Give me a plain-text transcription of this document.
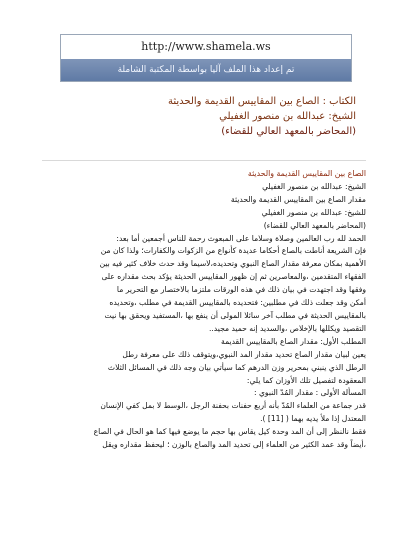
http://www.shamela.ws
تم إعداد هذا الملف آليا بواسطة المكتبة الشاملة
الكتاب : الصاع بين المقاييس القديمة والحديثة
الشيخ: عبدالله بن منصور الغفيلي
(المحاضر بالمعهد العالي للقضاء)
الصاع بين المقاييس القديمة والحديثة
الشيخ: عبدالله بن منصور الغفيلي
مقدار الصاع بين المقاييس القديمة والحديثة
للشيخ: عبدالله بن منصور الغفيلي
(المحاضر بالمعهد العالي للقضاء)
الحمد لله رب العالمين وصلاة وسلاما على المبعوث رحمة للناس أجمعين أما بعد:
فإن الشريعة أناطت بالصاع أحكاما عديدة كأنواع من الزكوات والكفارات؛ ولذا كان من
الأهمية بمكان معرفة مقدار الصاع النبوي وتحديده،لاسيما وقد حدث خلاف كثير فيه بين
الفقهاء المتقدمين ،والمعاصرين ثم إن ظهور المقاييس الحديثة يؤكد بحث مقداره على
وفقها وقد اجتهدت في بيان ذلك في هذه الورقات ملتزما بالاختصار مع التحرير ما
أمكن وقد جعلت ذلك في مطلبين: فتحديده بالمقاييس القديمة في مطلب ،وتحديده
بالمقاييس الحديثة في مطلب آخر سائلا المولى أن ينفع بها ،المستفيد ويحقق بها نيت
التقصيد ويكللها بالإخلاص ،والسديد إنه حميد مجيد..
المطلب الأول: مقدار الصاع بالمقاييس القديمة
يعين لبيان مقدار الصاع تحديد مقدار المد النبوي،ويتوقف ذلك على معرفة رطل
الرطل الذي ينبني بمحرير وزن الدرهم كما سيأتي بيان وجه ذلك في المسائل الثلاث
المعقودة لتفصيل تلك الأوزان كما يلي:
المسألة الأولى : مقدار المُدّ النبوي :
قدر جماعة من العلماء المُدّ بأنه أربع حفنات بحفنة الرجل ،الوسط لا بمل كفي الإنسان
المعتدل إذا ملأ يديه بهما ( [11] ).
فقط نالنظر إلى أن المد وحدة كيل يقاس بها حجم ما يوضع فيها كما هو الحال في الصاع
،أيضاً وقد عمد الكثير من العلماء إلى تحديد المد والصاع بالوزن ؛ ليحفظ مقداره ويقل
